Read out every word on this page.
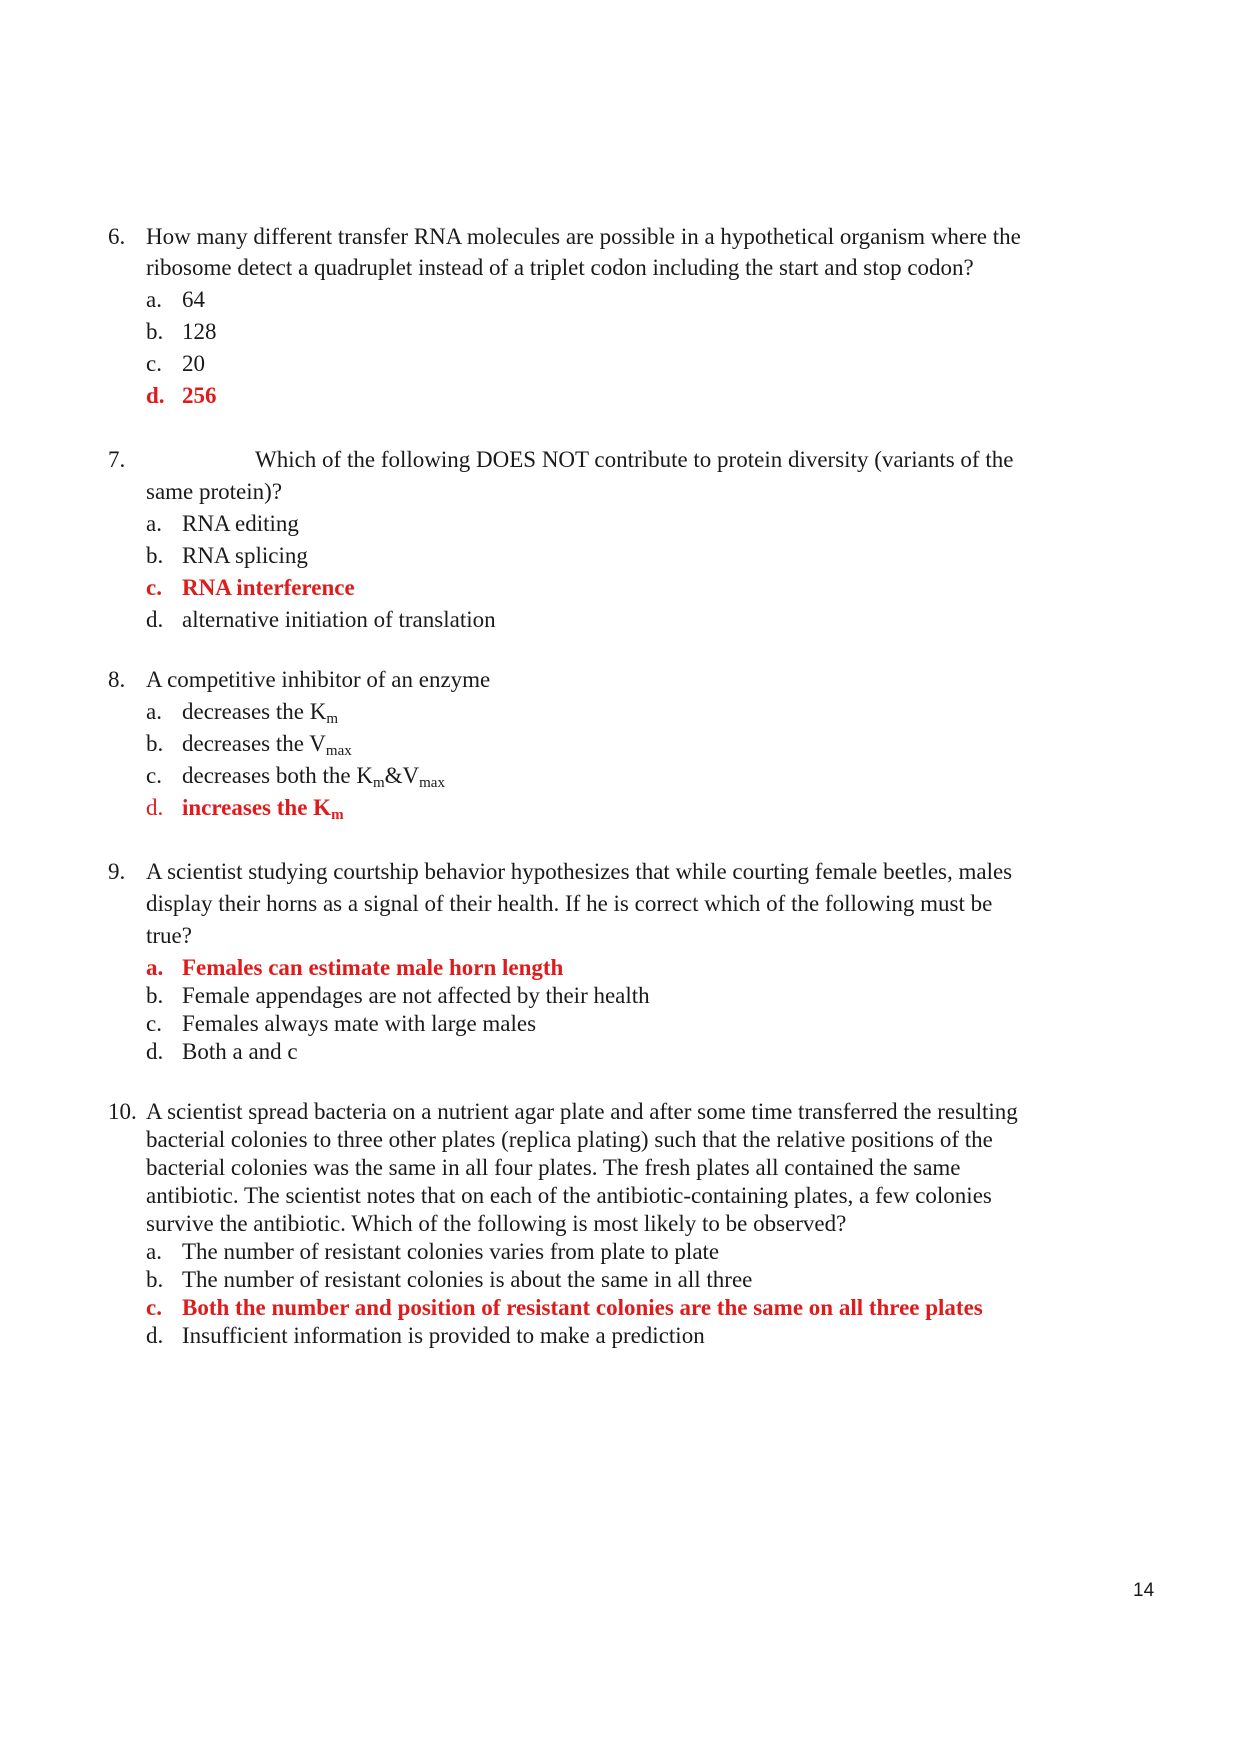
6. How many different transfer RNA molecules are possible in a hypothetical organism where the
ribosome detect a quadruplet instead of a triplet codon including the start and stop codon?
a. 64
b. 128
c. 20
d. 256
7.	Which of the following DOES NOT contribute to protein diversity (variants of the
same protein)?
a. RNA editing
b. RNA splicing
c. RNA interference
d. alternative initiation of translation
8. A competitive inhibitor of an enzyme
a. decreases the $K_m$
b. decreases the $V_{max}$
c. decreases both the $K_m\&V_{max}$
d. increases the $K_m$
9. A scientist studying courtship behavior hypothesizes that while courting female beetles, males
display their horns as a signal of their health. If he is correct which of the following must be
true?
a. Females can estimate male horn length
b. Female appendages are not affected by their health
c. Females always mate with large males
d. Both a and c
10. A scientist spread bacteria on a nutrient agar plate and after some time transferred the resulting
bacterial colonies to three other plates (replica plating) such that the relative positions of the
bacterial colonies was the same in all four plates. The fresh plates all contained the same
antibiotic. The scientist notes that on each of the antibiotic-containing plates, a few colonies
survive the antibiotic. Which of the following is most likely to be observed?
a. The number of resistant colonies varies from plate to plate
b. The number of resistant colonies is about the same in all three
c. Both the number and position of resistant colonies are the same on all three plates
d. Insufficient information is provided to make a prediction
14
